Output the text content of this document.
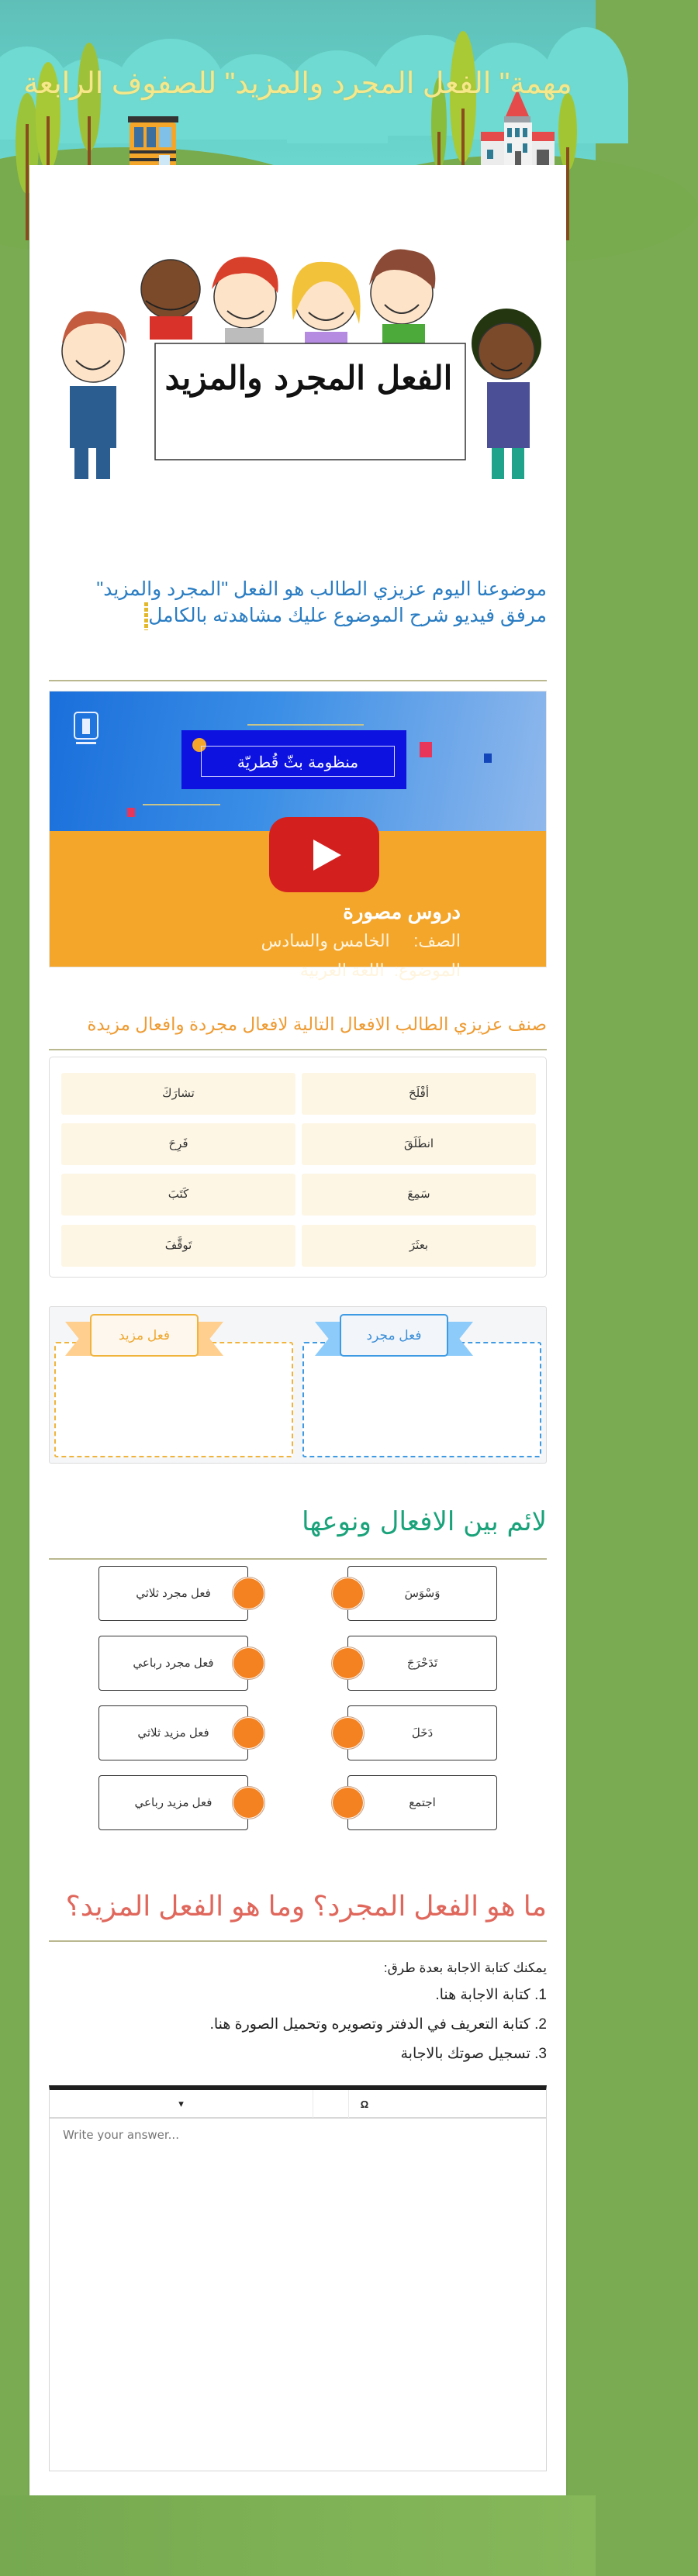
مهمة" الفعل المجرد والمزيد" للصفوف الرابعة
الفعل المجرد والمزيد
موضوعنا اليوم عزيزي الطالب هو الفعل "المجرد والمزيد" مرفق فيديو شرح الموضوع عليك مشاهدته بالكامل
منظومة بثّ قُطريّة
دروس مصورة
الصف:     الخامس والسادس
الموضوع:  اللغة العربية
صنف عزيزي الطالب الافعال التالية لافعال مجردة وافعال مزيدة
أفْلَحَ
تشارَكَ
انطَلَقَ
فَرِحَ
سَمِعَ
كَتَبَ
بعثَرَ
تَوقَّفَ
فعل مزيد	فعل مجرد
لائم بين الافعال ونوعها
وَسْوَسَ
فعل مجرد ثلاثي
تَدَحْرَجَ
فعل مجرد رباعي
دَخَلَ
فعل مزيد ثلاثي
اجتمع
فعل مزيد رباعي
ما هو الفعل المجرد؟ وما هو الفعل المزيد؟
يمكنك كتابة الاجابة بعدة طرق:
1. كتابة الاجابة هنا.
2. كتابة التعريف في الدفتر وتصويره وتحميل الصورة هنا.
3. تسجيل صوتك بالاجابة
▾	Ω
Write your answer...
